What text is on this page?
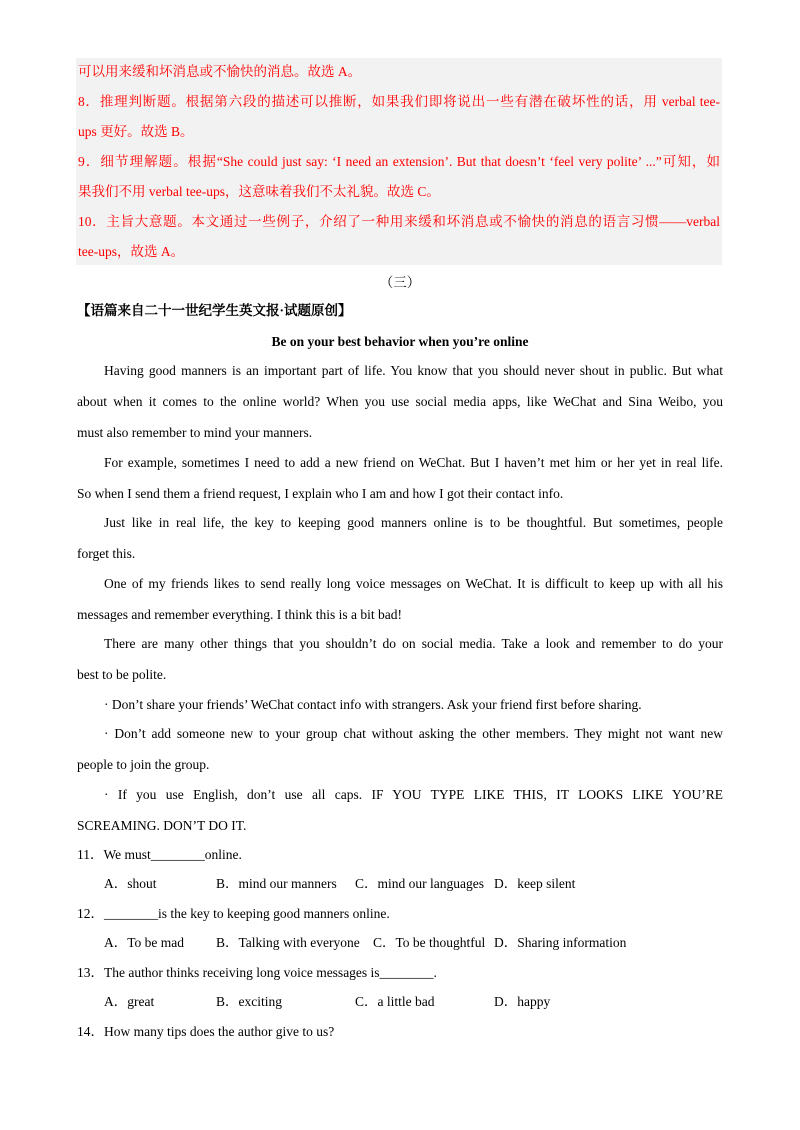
可以用来缓和坏消息或不愉快的消息。故选 A。
8．推理判断题。根据第六段的描述可以推断，如果我们即将说出一些有潜在破坏性的话，用 verbal tee-
ups 更好。故选 B。
9．细节理解题。根据“She could just say: ‘I need an extension’. But that doesn’t ‘feel very polite’ ...”可知，如
果我们不用 verbal tee-ups，这意味着我们不太礼貌。故选 C。
10．主旨大意题。本文通过一些例子，介绍了一种用来缓和坏消息或不愉快的消息的语言习惯——verbal
tee-ups，故选 A。
（三）
【语篇来自二十一世纪学生英文报·试题原创】
Be on your best behavior when you’re online
Having good manners is an important part of life. You know that you should never shout in public. But what
about when it comes to the online world? When you use social media apps, like WeChat and Sina Weibo, you
must also remember to mind your manners.
For example, sometimes I need to add a new friend on WeChat. But I haven’t met him or her yet in real life.
So when I send them a friend request, I explain who I am and how I got their contact info.
Just like in real life, the key to keeping good manners online is to be thoughtful. But sometimes, people
forget this.
One of my friends likes to send really long voice messages on WeChat. It is difficult to keep up with all his
messages and remember everything. I think this is a bit bad!
There are many other things that you shouldn’t do on social media. Take a look and remember to do your
best to be polite.
· Don’t share your friends’ WeChat contact info with strangers. Ask your friend first before sharing.
· Don’t add someone new to your group chat without asking the other members. They might not want new
people to join the group.
· If you use English, don’t use all caps. IF YOU TYPE LIKE THIS, IT LOOKS LIKE YOU’RE
SCREAMING. DON’T DO IT.
11．We must________online.
A．shout	B．mind our manners C．mind our languages D．keep silent
12．________is the key to keeping good manners online.
A．To be mad B．Talking with everyone C．To be thoughtful D．Sharing information
13．The author thinks receiving long voice messages is________.
A．great	B．exciting	C．a little bad	D．happy
14．How many tips does the author give to us?
